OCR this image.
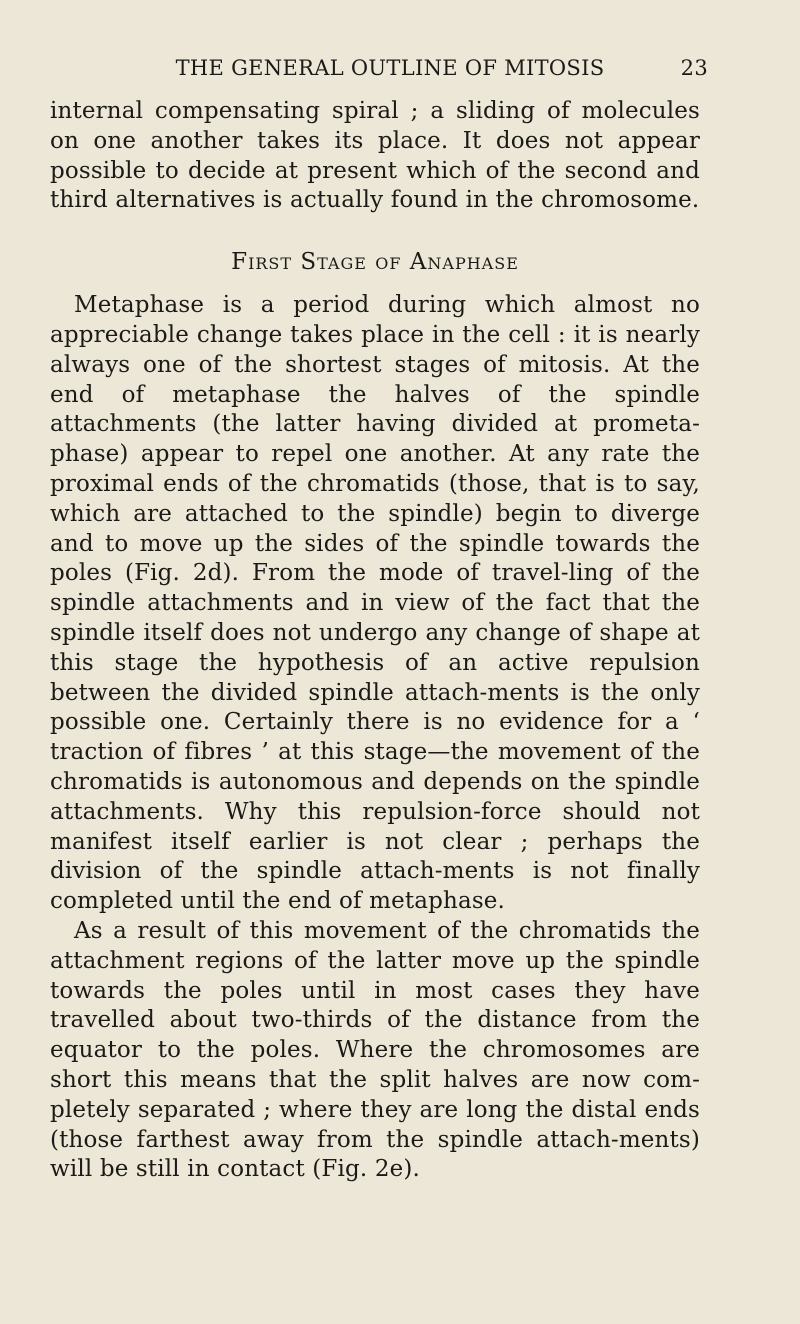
THE GENERAL OUTLINE OF MITOSIS	23

internal compensating spiral ; a sliding of molecules on one another takes its place. It does not appear possible to decide at present which of the second and third alternatives is actually found in the chromosome.

First Stage of Anaphase

Metaphase is a period during which almost no appreciable change takes place in the cell : it is nearly always one of the shortest stages of mitosis. At the end of metaphase the halves of the spindle attachments (the latter having divided at prometa-phase) appear to repel one another. At any rate the proximal ends of the chromatids (those, that is to say, which are attached to the spindle) begin to diverge and to move up the sides of the spindle towards the poles (Fig. 2d). From the mode of travel-ling of the spindle attachments and in view of the fact that the spindle itself does not undergo any change of shape at this stage the hypothesis of an active repulsion between the divided spindle attach-ments is the only possible one. Certainly there is no evidence for a ‘ traction of fibres ’ at this stage—the movement of the chromatids is autonomous and depends on the spindle attachments. Why this repulsion-force should not manifest itself earlier is not clear ; perhaps the division of the spindle attach-ments is not finally completed until the end of metaphase.

As a result of this movement of the chromatids the attachment regions of the latter move up the spindle towards the poles until in most cases they have travelled about two-thirds of the distance from the equator to the poles. Where the chromosomes are short this means that the split halves are now com-pletely separated ; where they are long the distal ends (those farthest away from the spindle attach-ments) will be still in contact (Fig. 2e).
